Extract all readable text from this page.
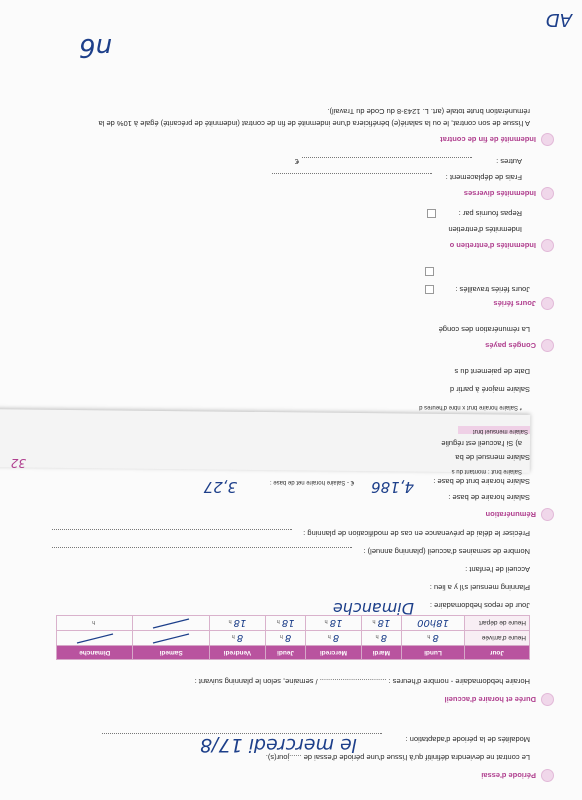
Période d'essai
Le contrat ne deviendra définitif qu'à l'issue d'une période d'essai de ......jour(s).
Modalités de la période d'adaptation :
le mercredi 17/8
Durée et horaire d'accueil
Horaire hebdomadaire - nombre d'heures : ................................ / semaine, selon le planning suivant :
Jour	Lundi	Mardi	Mercredi	Jeudi	Vendredi	Samedi	Dimanche
Heure d'arrivée	8h	8h	8h	8h	8h		
Heure de départ	18h00	18h	18h	18h	18h		h
Jour de repos hebdomadaire :
Dimanche
Planning mensuel s'il y a lieu :
Accueil de l'enfant :
Nombre de semaines d'accueil (planning annuel) :
Préciser le délai de prévenance en cas de modification de planning :
Rémunération
Salaire horaire de base :
Salaire horaire brut de base :
4,186
€ - Salaire horaire net de base :
3,27
Salaire brut : montant du s
Salaire mensuel de ba
a) Si l'accueil est régulie
Salaire mensuel brut
* Salaire horaire brut x nbre d'heures d
Salaire majoré à partir d
Date de paiement du s
Congés payés
La rémunération des congé
Jours fériés
Jours fériés travaillés :
Indemnités d'entretien o
Indemnités d'entretien
Repas fournis par :
Indemnités diverses
Frais de déplacement :
Autres :
€
Indemnité de fin de contrat
A l'issue de son contrat, le ou la salarié(e) bénéficiera d'une indemnité de fin de contrat (indemnité de précarité) égale à 10% de la
rémunération brute totale (art. L. 1243-8 du Code du Travail).
n6
AD
32
